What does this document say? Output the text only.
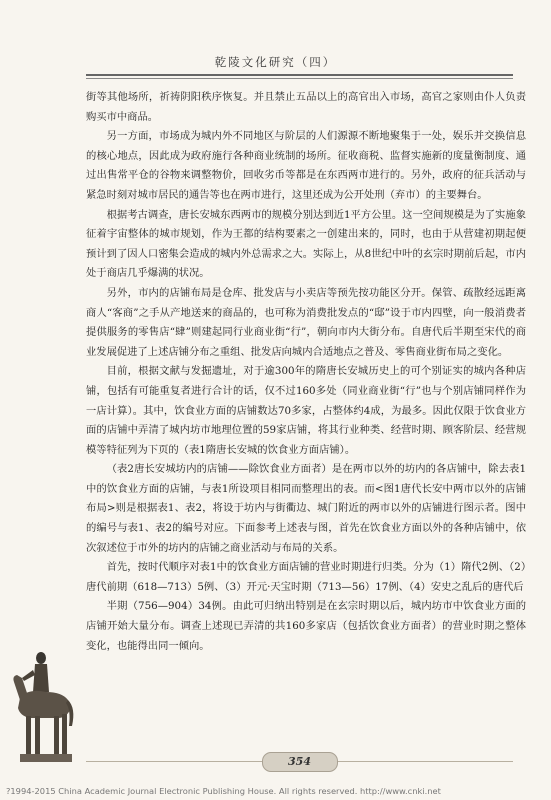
乾陵文化研究（四）

街等其他场所，祈祷阴阳秩序恢复。并且禁止五品以上的高官出入市场，高官之家则由仆人负责购买市中商品。

另一方面，市场成为城内外不同地区与阶层的人们源源不断地聚集于一处，娱乐并交换信息的核心地点，因此成为政府施行各种商业统制的场所。征收商税、监督实施新的度量衡制度、通过出售常平仓的谷物来调整物价，回收劣币等都是在东西两市进行的。另外，政府的征兵活动与紧急时刻对城市居民的通告等也在两市进行，这里还成为公开处刑（弃市）的主要舞台。

根据考古调查，唐长安城东西两市的规模分别达到近1平方公里。这一空间规模是为了实施象征着宇宙整体的城市规划，作为王都的结构要素之一创建出来的，同时，也由于从营建初期起便预计到了因人口密集会造成的城内外总需求之大。实际上，从8世纪中叶的玄宗时期前后起，市内处于商店几乎爆满的状况。

另外，市内的店铺布局是仓库、批发店与小卖店等预先按功能区分开。保管、疏散经远距离商人“客商”之手从产地送来的商品的，也可称为消费批发点的“邸”设于市内四壁，向一般消费者提供服务的零售店“肆”则建起同行业商业街“行”，朝向市内大街分布。自唐代后半期至宋代的商业发展促进了上述店铺分布之重组、批发店向城内合适地点之普及、零售商业街布局之变化。

目前，根据文献与发掘遗址，对于逾300年的隋唐长安城历史上的可个别证实的城内各种店铺，包括有可能重复者进行合计的话，仅不过160多处（同业商业街“行”也与个别店铺同样作为一店计算）。其中，饮食业方面的店铺数达70多家，占整体约4成，为最多。因此仅限于饮食业方面的店铺中弄清了城内坊市地理位置的59家店铺，将其行业种类、经营时期、顾客阶层、经营规模等特征列为下页的（表1隋唐长安城的饮食业方面店铺）。

（表2唐长安城坊内的店铺——除饮食业方面者）是在两市以外的坊内的各店铺中，除去表1中的饮食业方面的店铺，与表1所设项目相同而整理出的表。而<图1唐代长安中两市以外的店铺布局>则是根据表1、表2，将设于坊内与街衢边、城门附近的两市以外的店铺进行图示者。图中的编号与表1、表2的编号对应。下面参考上述表与图，首先在饮食业方面以外的各种店铺中，依次叙述位于市外的坊内的店铺之商业活动与布局的关系。

首先，按时代顺序对表1中的饮食业方面店铺的营业时期进行归类。分为（1）隋代2例、（2）唐代前期（618—713）5例、（3）开元·天宝时期（713—56）17例、（4）安史之乱后的唐代后

半期（756—904）34例。由此可归纳出特别是在玄宗时期以后，城内坊市中饮食业方面的店铺开始大量分布。调查上述现已弄清的共160多家店（包括饮食业方面者）的营业时期之整体变化，也能得出同一倾向。

354
?1994-2015 China Academic Journal Electronic Publishing House. All rights reserved. http://www.cnki.net
